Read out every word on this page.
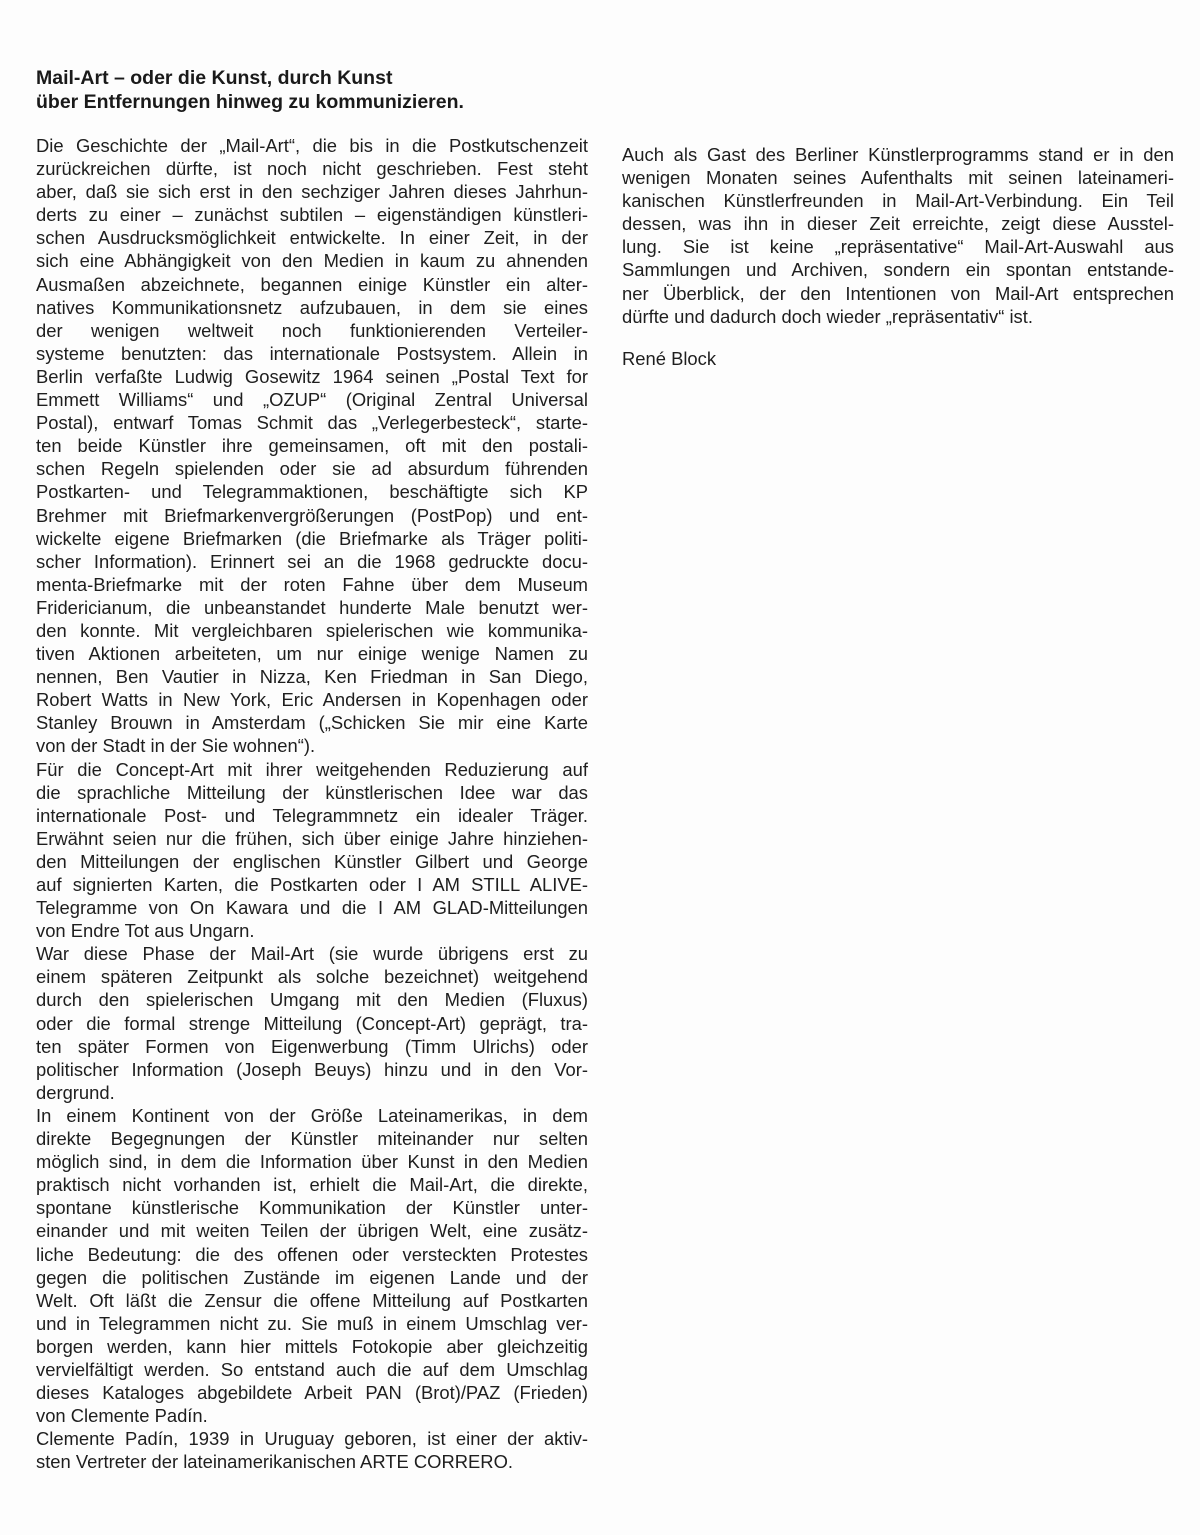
Mail-Art – oder die Kunst, durch Kunst
über Entfernungen hinweg zu kommunizieren.
Die Geschichte der „Mail-Art“, die bis in die Postkutschenzeit
zurückreichen dürfte, ist noch nicht geschrieben. Fest steht
aber, daß sie sich erst in den sechziger Jahren dieses Jahrhun-
derts zu einer – zunächst subtilen – eigenständigen künstleri-
schen Ausdrucksmöglichkeit entwickelte. In einer Zeit, in der
sich eine Abhängigkeit von den Medien in kaum zu ahnenden
Ausmaßen abzeichnete, begannen einige Künstler ein alter-
natives Kommunikationsnetz aufzubauen, in dem sie eines
der wenigen weltweit noch funktionierenden Verteiler-
systeme benutzten: das internationale Postsystem. Allein in
Berlin verfaßte Ludwig Gosewitz 1964 seinen „Postal Text for
Emmett Williams“ und „OZUP“ (Original Zentral Universal
Postal), entwarf Tomas Schmit das „Verlegerbesteck“, starte-
ten beide Künstler ihre gemeinsamen, oft mit den postali-
schen Regeln spielenden oder sie ad absurdum führenden
Postkarten- und Telegrammaktionen, beschäftigte sich KP
Brehmer mit Briefmarkenvergrößerungen (PostPop) und ent-
wickelte eigene Briefmarken (die Briefmarke als Träger politi-
scher Information). Erinnert sei an die 1968 gedruckte docu-
menta-Briefmarke mit der roten Fahne über dem Museum
Fridericianum, die unbeanstandet hunderte Male benutzt wer-
den konnte. Mit vergleichbaren spielerischen wie kommunika-
tiven Aktionen arbeiteten, um nur einige wenige Namen zu
nennen, Ben Vautier in Nizza, Ken Friedman in San Diego,
Robert Watts in New York, Eric Andersen in Kopenhagen oder
Stanley Brouwn in Amsterdam („Schicken Sie mir eine Karte
von der Stadt in der Sie wohnen“).
Für die Concept-Art mit ihrer weitgehenden Reduzierung auf
die sprachliche Mitteilung der künstlerischen Idee war das
internationale Post- und Telegrammnetz ein idealer Träger.
Erwähnt seien nur die frühen, sich über einige Jahre hinziehen-
den Mitteilungen der englischen Künstler Gilbert und George
auf signierten Karten, die Postkarten oder I AM STILL ALIVE-
Telegramme von On Kawara und die I AM GLAD-Mitteilungen
von Endre Tot aus Ungarn.
War diese Phase der Mail-Art (sie wurde übrigens erst zu
einem späteren Zeitpunkt als solche bezeichnet) weitgehend
durch den spielerischen Umgang mit den Medien (Fluxus)
oder die formal strenge Mitteilung (Concept-Art) geprägt, tra-
ten später Formen von Eigenwerbung (Timm Ulrichs) oder
politischer Information (Joseph Beuys) hinzu und in den Vor-
dergrund.
In einem Kontinent von der Größe Lateinamerikas, in dem
direkte Begegnungen der Künstler miteinander nur selten
möglich sind, in dem die Information über Kunst in den Medien
praktisch nicht vorhanden ist, erhielt die Mail-Art, die direkte,
spontane künstlerische Kommunikation der Künstler unter-
einander und mit weiten Teilen der übrigen Welt, eine zusätz-
liche Bedeutung: die des offenen oder versteckten Protestes
gegen die politischen Zustände im eigenen Lande und der
Welt. Oft läßt die Zensur die offene Mitteilung auf Postkarten
und in Telegrammen nicht zu. Sie muß in einem Umschlag ver-
borgen werden, kann hier mittels Fotokopie aber gleichzeitig
vervielfältigt werden. So entstand auch die auf dem Umschlag
dieses Kataloges abgebildete Arbeit PAN (Brot)/PAZ (Frieden)
von Clemente Padín.
Clemente Padín, 1939 in Uruguay geboren, ist einer der aktiv-
sten Vertreter der lateinamerikanischen ARTE CORRERO.
Auch als Gast des Berliner Künstlerprogramms stand er in den
wenigen Monaten seines Aufenthalts mit seinen lateinameri-
kanischen Künstlerfreunden in Mail-Art-Verbindung. Ein Teil
dessen, was ihn in dieser Zeit erreichte, zeigt diese Ausstel-
lung. Sie ist keine „repräsentative“ Mail-Art-Auswahl aus
Sammlungen und Archiven, sondern ein spontan entstande-
ner Überblick, der den Intentionen von Mail-Art entsprechen
dürfte und dadurch doch wieder „repräsentativ“ ist.
René Block
